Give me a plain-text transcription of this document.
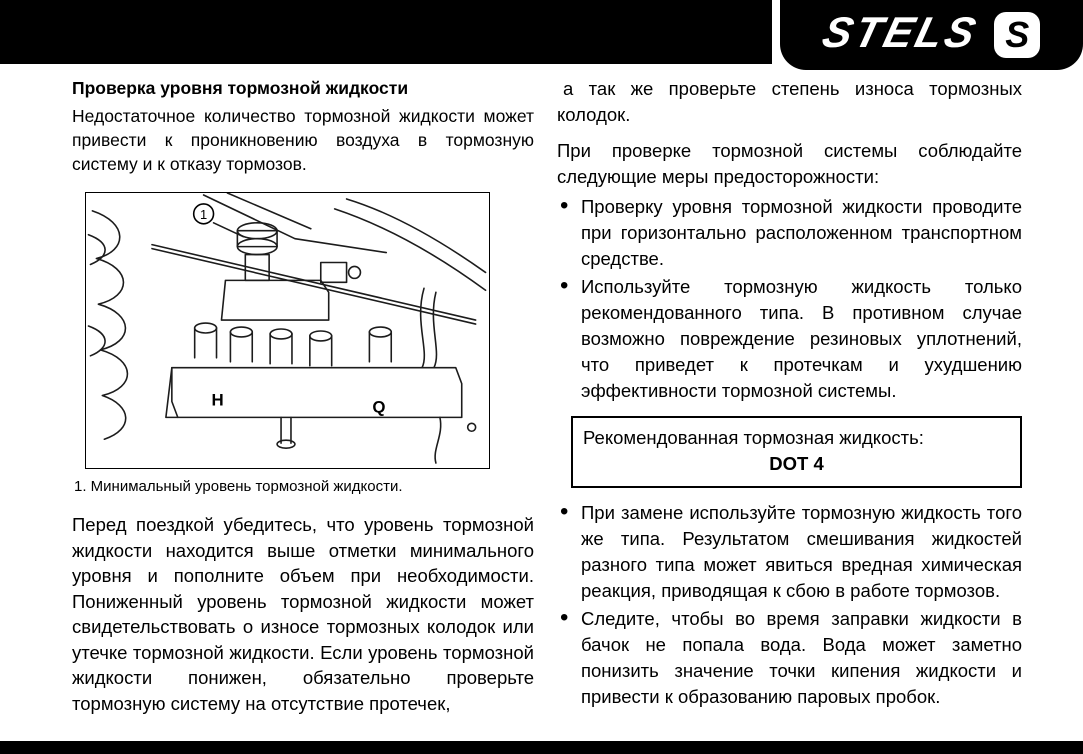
STELS S
Проверка уровня тормозной жидкости

Недостаточное количество тормозной жидкости может привести к проникновению воздуха в тормозную систему и к отказу тормозов.

1
H	Q
1. Минимальный уровень тормозной жидкости.

Перед поездкой убедитесь, что уровень тормозной жидкости находится выше отметки минимального уровня и пополните объем при необходимости. Пониженный уровень тормозной жидкости может свидетельствовать о износе тормозных колодок или утечке тормозной жидкости. Если уровень тормозной жидкости понижен, обязательно проверьте тормозную систему на отсутствие протечек,

а так же проверьте степень износа тормозных колодок.

При проверке тормозной системы соблюдайте следующие меры предосторожности:

• Проверку уровня тормозной жидкости проводите при горизонтально расположенном транспортном средстве.
• Используйте тормозную жидкость только рекомендованного типа. В противном случае возможно повреждение резиновых уплотнений, что приведет к протечкам и ухудшению эффективности тормозной системы.
Рекомендованная тормозная жидкость:
DOT 4
• При замене используйте тормозную жидкость того же типа. Результатом смешивания жидкостей разного типа может явиться вредная химическая реакция, приводящая к сбою в работе тормозов.
• Следите, чтобы во время заправки жидкости в бачок не попала вода. Вода может заметно понизить значение точки кипения жидкости и привести к образованию паровых пробок.
